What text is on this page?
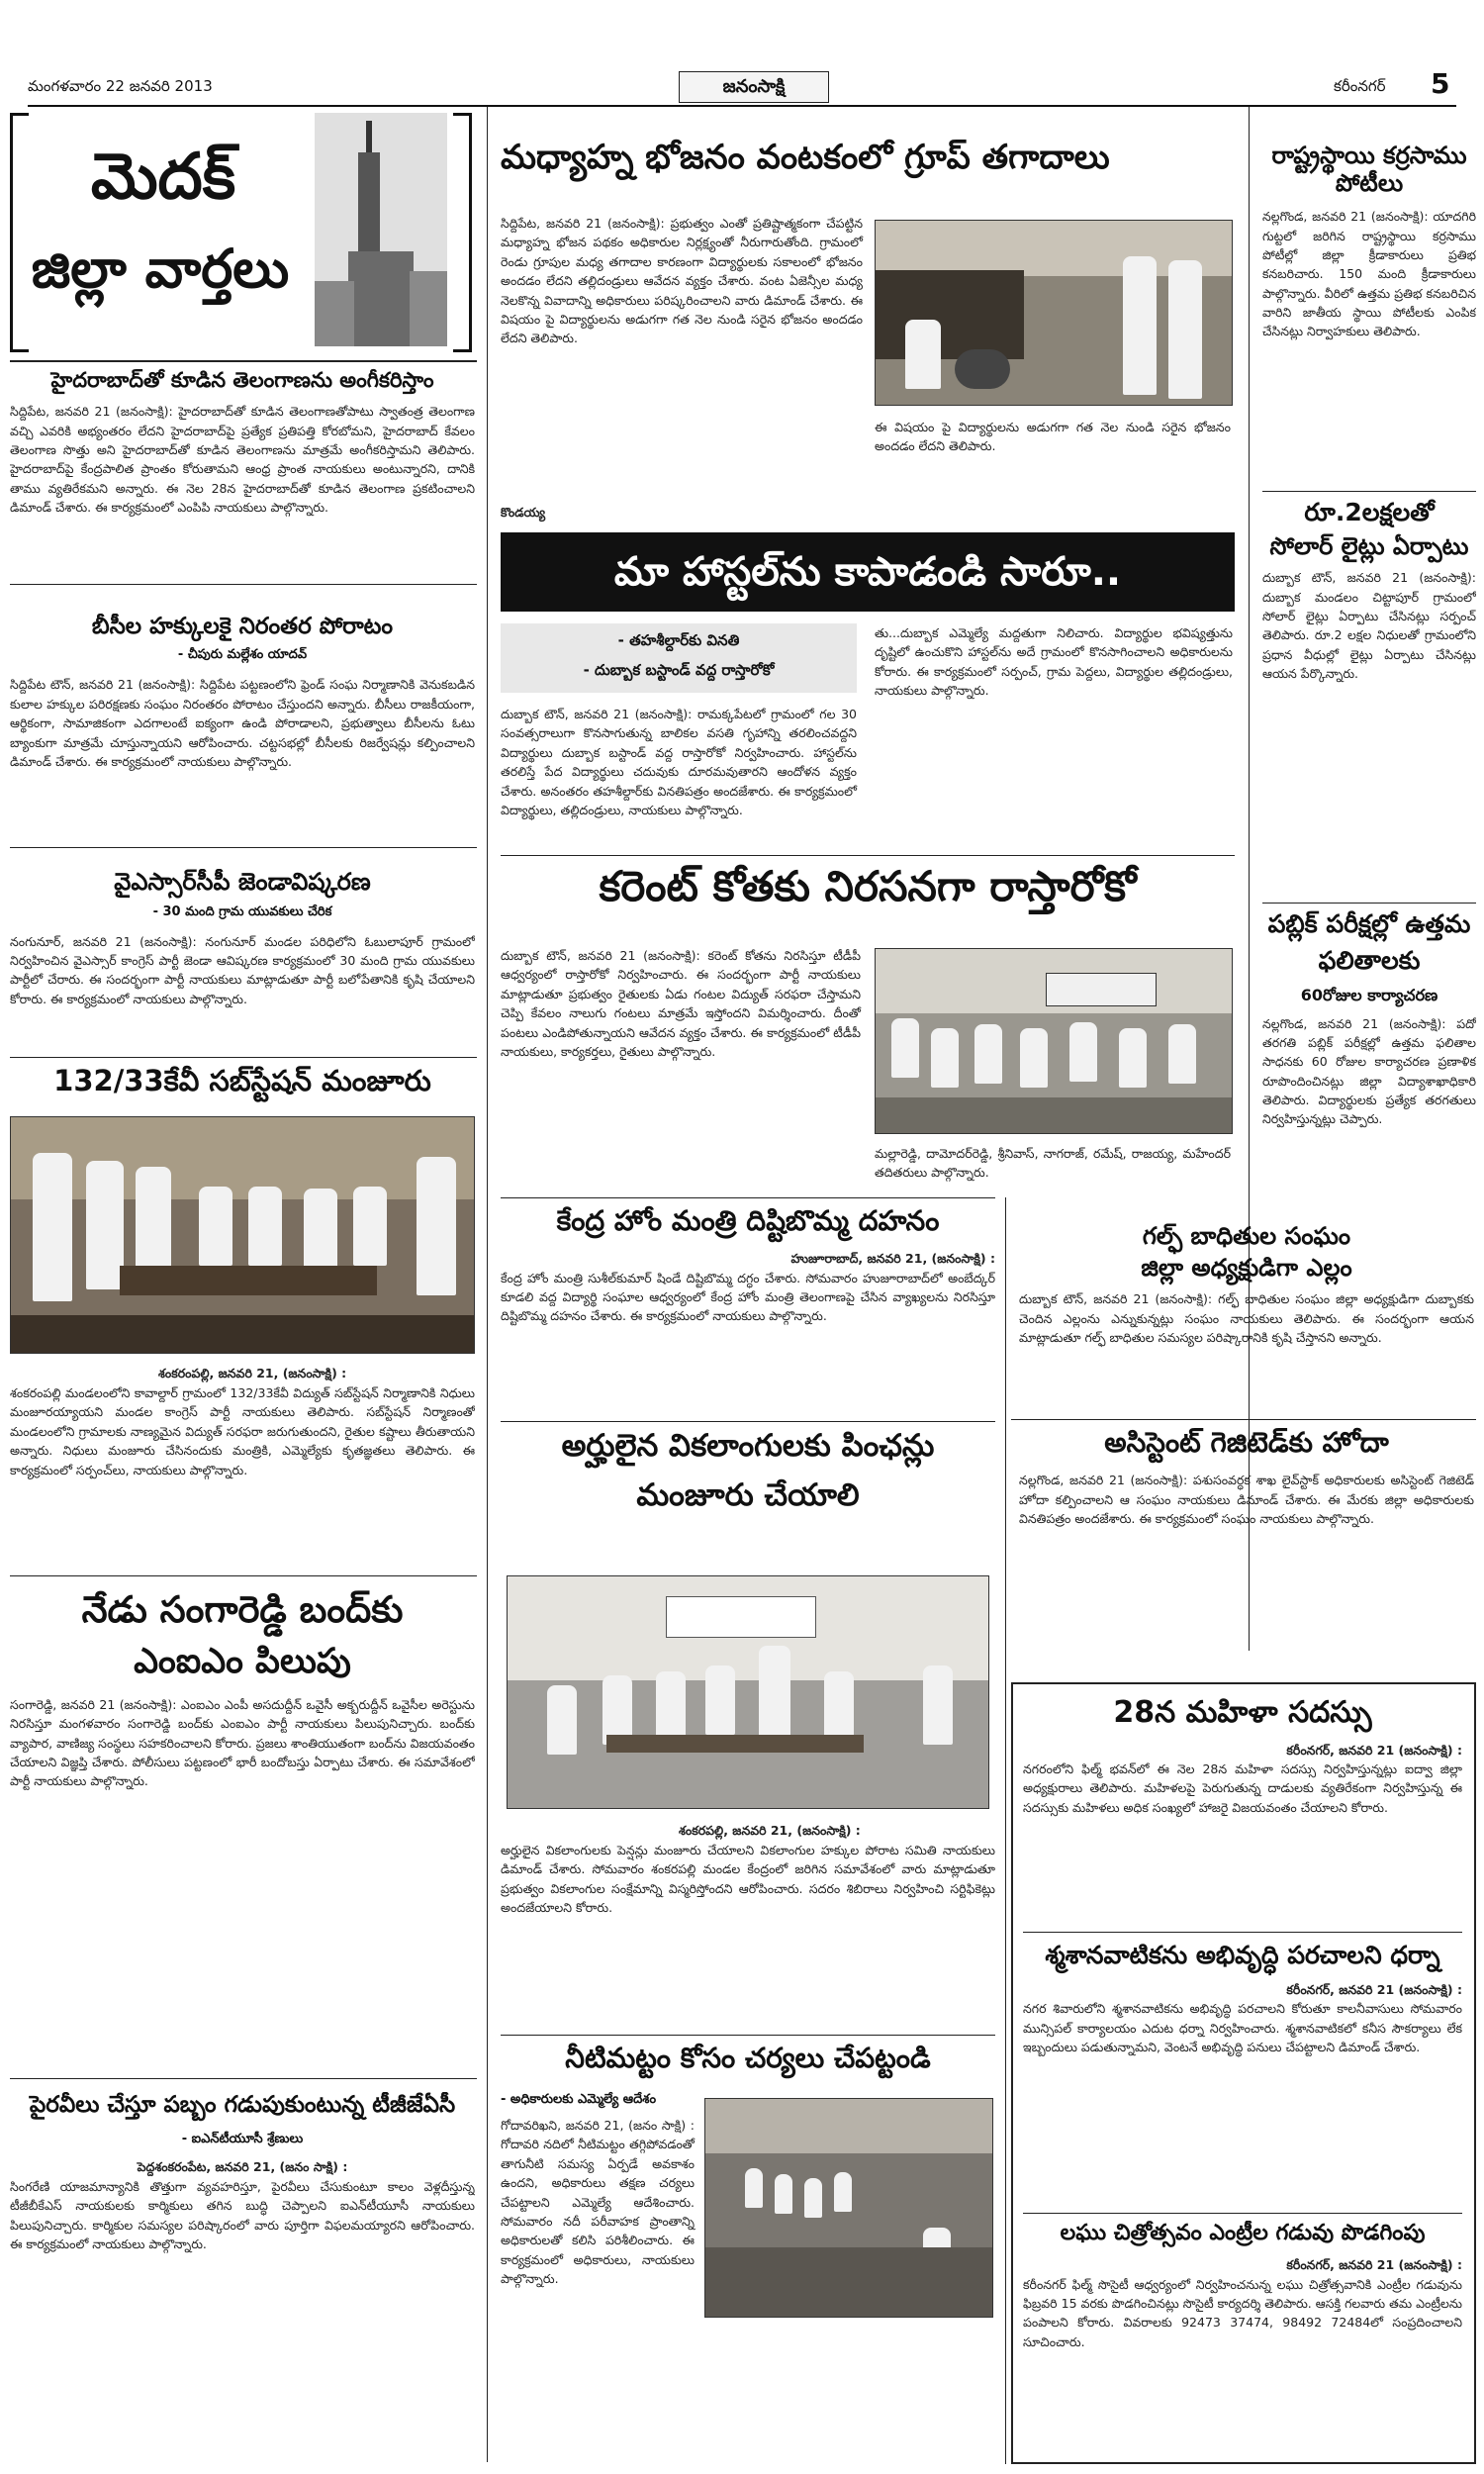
మంగళవారం 22 జనవరి 2013	జనంసాక్షి	కరీంనగర్ 5
మెదక్
జిల్లా వార్తలు
హైదరాబాద్‌తో కూడిన తెలంగాణను అంగీకరిస్తాం
సిద్దిపేట, జనవరి 21 (జనంసాక్షి): హైదరాబాద్‌తో కూడిన తెలంగాణతోపాటు స్వాతంత్ర తెలంగాణ వచ్చి ఎవరికి అభ్యంతరం లేదని హైదరాబాద్‌పై ప్రత్యేక ప్రతిపత్తి కోరబోమని, హైదరాబాద్ కేవలం తెలంగాణ సొత్తు అని హైదరాబాద్‌తో కూడిన తెలంగాణను మాత్రమే అంగీకరిస్తామని తెలిపారు. హైదరాబాద్‌పై కేంద్రపాలిత ప్రాంతం కోరుతామని ఆంధ్ర ప్రాంత నాయకులు అంటున్నారని, దానికి తాము వ్యతిరేకమని అన్నారు. ఈ నెల 28న హైదరాబాద్‌తో కూడిన తెలంగాణ ప్రకటించాలని డిమాండ్ చేశారు. ఈ కార్యక్రమంలో ఎంపిపి నాయకులు పాల్గొన్నారు.
బీసీల హక్కులకై నిరంతర పోరాటం
- చీపురు మల్లేశం యాదవ్
సిద్దిపేట టౌన్, జనవరి 21 (జనంసాక్షి): సిద్దిపేట పట్టణంలోని ఫ్రెండ్ సంఘ నిర్మాణానికి వెనుకబడిన కులాల హక్కుల పరిరక్షణకు సంఘం నిరంతరం పోరాటం చేస్తుందని అన్నారు. బీసీలు రాజకీయంగా, ఆర్థికంగా, సామాజికంగా ఎదగాలంటే ఐక్యంగా ఉండి పోరాడాలని, ప్రభుత్వాలు బీసీలను ఓటు బ్యాంకుగా మాత్రమే చూస్తున్నాయని ఆరోపించారు. చట్టసభల్లో బీసీలకు రిజర్వేషన్లు కల్పించాలని డిమాండ్ చేశారు. ఈ కార్యక్రమంలో నాయకులు పాల్గొన్నారు.
వైఎస్సార్‌సీపీ జెండావిష్కరణ
- 30 మంది గ్రామ యువకులు చేరిక
నంగునూర్, జనవరి 21 (జనంసాక్షి): నంగునూర్ మండల పరిధిలోని ఓబులాపూర్ గ్రామంలో నిర్వహించిన వైఎస్సార్ కాంగ్రెస్ పార్టీ జెండా ఆవిష్కరణ కార్యక్రమంలో 30 మంది గ్రామ యువకులు పార్టీలో చేరారు. ఈ సందర్భంగా పార్టీ నాయకులు మాట్లాడుతూ పార్టీ బలోపేతానికి కృషి చేయాలని కోరారు. ఈ కార్యక్రమంలో నాయకులు పాల్గొన్నారు.
132/33కేవీ సబ్‌స్టేషన్ మంజూరు
శంకరంపల్లి, జనవరి 21, (జనంసాక్షి) :
శంకరంపల్లి మండలంలోని కావాల్దార్ గ్రామంలో 132/33కేవీ విద్యుత్ సబ్‌స్టేషన్ నిర్మాణానికి నిధులు మంజూరయ్యాయని మండల కాంగ్రెస్ పార్టీ నాయకులు తెలిపారు. సబ్‌స్టేషన్ నిర్మాణంతో మండలంలోని గ్రామాలకు నాణ్యమైన విద్యుత్ సరఫరా జరుగుతుందని, రైతుల కష్టాలు తీరుతాయని అన్నారు. నిధులు మంజూరు చేసినందుకు మంత్రికి, ఎమ్మెల్యేకు కృతజ్ఞతలు తెలిపారు. ఈ కార్యక్రమంలో సర్పంచ్‌లు, నాయకులు పాల్గొన్నారు.
నేడు సంగారెడ్డి బంద్‌కు
ఎంఐఎం పిలుపు
సంగారెడ్డి, జనవరి 21 (జనంసాక్షి): ఎంఐఎం ఎంపీ అసదుద్దీన్ ఒవైసీ అక్బరుద్దీన్ ఒవైసీల అరెస్టును నిరసిస్తూ మంగళవారం సంగారెడ్డి బంద్‌కు ఎంఐఎం పార్టీ నాయకులు పిలుపునిచ్చారు. బంద్‌కు వ్యాపార, వాణిజ్య సంస్థలు సహకరించాలని కోరారు. ప్రజలు శాంతియుతంగా బంద్‌ను విజయవంతం చేయాలని విజ్ఞప్తి చేశారు. పోలీసులు పట్టణంలో భారీ బందోబస్తు ఏర్పాటు చేశారు. ఈ సమావేశంలో పార్టీ నాయకులు పాల్గొన్నారు.
పైరవీలు చేస్తూ పబ్బం గడుపుకుంటున్న టీజీజేఏసీ
- ఐఎన్‌టీయూసీ శ్రేణులు
పెద్దశంకరంపేట, జనవరి 21, (జనం సాక్షి) :
సింగరేణి యాజమాన్యానికి తొత్తుగా వ్యవహరిస్తూ, పైరవీలు చేసుకుంటూ కాలం వెళ్లదీస్తున్న టీజీబీకేఎస్ నాయకులకు కార్మికులు తగిన బుద్ధి చెప్పాలని ఐఎన్‌టీయూసీ నాయకులు పిలుపునిచ్చారు. కార్మికుల సమస్యల పరిష్కారంలో వారు పూర్తిగా విఫలమయ్యారని ఆరోపించారు. ఈ కార్యక్రమంలో నాయకులు పాల్గొన్నారు.
మధ్యాహ్న భోజనం వంటకంలో గ్రూప్ తగాదాలు
సిద్దిపేట, జనవరి 21 (జనంసాక్షి): ప్రభుత్వం ఎంతో ప్రతిష్టాత్మకంగా చేపట్టిన మధ్యాహ్న భోజన పథకం అధికారుల నిర్లక్ష్యంతో నీరుగారుతోంది. గ్రామంలో రెండు గ్రూపుల మధ్య తగాదాల కారణంగా విద్యార్థులకు సకాలంలో భోజనం అందడం లేదని తల్లిదండ్రులు ఆవేదన వ్యక్తం చేశారు. వంట ఏజెన్సీల మధ్య నెలకొన్న వివాదాన్ని అధికారులు పరిష్కరించాలని వారు డిమాండ్ చేశారు. ఈ విషయం పై విద్యార్థులను అడుగగా గత నెల నుండి సరైన భోజనం అందడం లేదని తెలిపారు.
ఈ విషయం పై విద్యార్థులను అడుగగా గత నెల నుండి సరైన భోజనం అందడం లేదని తెలిపారు.
కొండయ్య
మా హాస్టల్‌ను కాపాడండి సారూ..
- తహశీల్దార్‌కు వినతి
- దుబ్బాక బస్టాండ్ వద్ద రాస్తారోకో
దుబ్బాక టౌన్, జనవరి 21 (జనంసాక్షి): రామక్కపేటలో గ్రామంలో గల 30 సంవత్సరాలుగా కొనసాగుతున్న బాలికల వసతి గృహాన్ని తరలించవద్దని విద్యార్థులు దుబ్బాక బస్టాండ్ వద్ద రాస్తారోకో నిర్వహించారు. హాస్టల్‌ను తరలిస్తే పేద విద్యార్థులు చదువుకు దూరమవుతారని ఆందోళన వ్యక్తం చేశారు. అనంతరం తహశీల్దార్‌కు వినతిపత్రం అందజేశారు. ఈ కార్యక్రమంలో విద్యార్థులు, తల్లిదండ్రులు, నాయకులు పాల్గొన్నారు.
తు...దుబ్బాక ఎమ్మెల్యే మద్దతుగా నిలిచారు. విద్యార్థుల భవిష్యత్తును దృష్టిలో ఉంచుకొని హాస్టల్‌ను అదే గ్రామంలో కొనసాగించాలని అధికారులను కోరారు. ఈ కార్యక్రమంలో సర్పంచ్, గ్రామ పెద్దలు, విద్యార్థుల తల్లిదండ్రులు, నాయకులు పాల్గొన్నారు.
కరెంట్ కోతకు నిరసనగా రాస్తారోకో
దుబ్బాక టౌన్, జనవరి 21 (జనంసాక్షి): కరెంట్ కోతను నిరసిస్తూ టీడీపీ ఆధ్వర్యంలో రాస్తారోకో నిర్వహించారు. ఈ సందర్భంగా పార్టీ నాయకులు మాట్లాడుతూ ప్రభుత్వం రైతులకు ఏడు గంటల విద్యుత్ సరఫరా చేస్తామని చెప్పి కేవలం నాలుగు గంటలు మాత్రమే ఇస్తోందని విమర్శించారు. దీంతో పంటలు ఎండిపోతున్నాయని ఆవేదన వ్యక్తం చేశారు. ఈ కార్యక్రమంలో టీడీపీ నాయకులు, కార్యకర్తలు, రైతులు పాల్గొన్నారు.
మల్లారెడ్డి, దామోదర్‌రెడ్డి, శ్రీనివాస్, నాగరాజ్, రమేష్, రాజయ్య, మహేందర్ తదితరులు పాల్గొన్నారు.
కేంద్ర హోం మంత్రి దిష్టిబొమ్మ దహనం
హుజూరాబాద్, జనవరి 21, (జనంసాక్షి) :
కేంద్ర హోం మంత్రి సుశీల్‌కుమార్ షిండే దిష్టిబొమ్మ దగ్ధం చేశారు. సోమవారం హుజూరాబాద్‌లో అంబేద్కర్ కూడలి వద్ద విద్యార్థి సంఘాల ఆధ్వర్యంలో కేంద్ర హోం మంత్రి తెలంగాణపై చేసిన వ్యాఖ్యలను నిరసిస్తూ దిష్టిబొమ్మ దహనం చేశారు. ఈ కార్యక్రమంలో నాయకులు పాల్గొన్నారు.
అర్హులైన వికలాంగులకు పింఛన్లు
మంజూరు చేయాలి
శంకరపల్లి, జనవరి 21, (జనంసాక్షి) :
అర్హులైన వికలాంగులకు పెన్షన్లు మంజూరు చేయాలని వికలాంగుల హక్కుల పోరాట సమితి నాయకులు డిమాండ్ చేశారు. సోమవారం శంకరపల్లి మండల కేంద్రంలో జరిగిన సమావేశంలో వారు మాట్లాడుతూ ప్రభుత్వం వికలాంగుల సంక్షేమాన్ని విస్మరిస్తోందని ఆరోపించారు. సదరం శిబిరాలు నిర్వహించి సర్టిఫికెట్లు అందజేయాలని కోరారు.
నీటిమట్టం కోసం చర్యలు చేపట్టండి
- అధికారులకు ఎమ్మెల్యే ఆదేశం
గోదావరిఖని, జనవరి 21, (జనం సాక్షి) : గోదావరి నదిలో నీటిమట్టం తగ్గిపోవడంతో తాగునీటి సమస్య ఏర్పడే అవకాశం ఉందని, అధికారులు తక్షణ చర్యలు చేపట్టాలని ఎమ్మెల్యే ఆదేశించారు. సోమవారం నదీ పరీవాహక ప్రాంతాన్ని అధికారులతో కలిసి పరిశీలించారు. ఈ కార్యక్రమంలో అధికారులు, నాయకులు పాల్గొన్నారు.
రాష్ట్రస్థాయి కర్రసాము పోటీలు
నల్లగొండ, జనవరి 21 (జనంసాక్షి): యాదగిరి గుట్టలో జరిగిన రాష్ట్రస్థాయి కర్రసాము పోటీల్లో జిల్లా క్రీడాకారులు ప్రతిభ కనబరిచారు. 150 మంది క్రీడాకారులు పాల్గొన్నారు. వీరిలో ఉత్తమ ప్రతిభ కనబరిచిన వారిని జాతీయ స్థాయి పోటీలకు ఎంపిక చేసినట్లు నిర్వాహకులు తెలిపారు.
రూ.2లక్షలతో
సోలార్ లైట్లు ఏర్పాటు
దుబ్బాక టౌన్, జనవరి 21 (జనంసాక్షి): దుబ్బాక మండలం చిట్టాపూర్ గ్రామంలో సోలార్ లైట్లు ఏర్పాటు చేసినట్లు సర్పంచ్ తెలిపారు. రూ.2 లక్షల నిధులతో గ్రామంలోని ప్రధాన వీధుల్లో లైట్లు ఏర్పాటు చేసినట్లు ఆయన పేర్కొన్నారు.
పబ్లిక్ పరీక్షల్లో ఉత్తమ
ఫలితాలకు
60రోజుల కార్యాచరణ
నల్లగొండ, జనవరి 21 (జనంసాక్షి): పదో తరగతి పబ్లిక్ పరీక్షల్లో ఉత్తమ ఫలితాల సాధనకు 60 రోజుల కార్యాచరణ ప్రణాళిక రూపొందించినట్లు జిల్లా విద్యాశాఖాధికారి తెలిపారు. విద్యార్థులకు ప్రత్యేక తరగతులు నిర్వహిస్తున్నట్లు చెప్పారు.
గల్ఫ్ బాధితుల సంఘం
జిల్లా అధ్యక్షుడిగా ఎల్లం
దుబ్బాక టౌన్, జనవరి 21 (జనంసాక్షి): గల్ఫ్ బాధితుల సంఘం జిల్లా అధ్యక్షుడిగా దుబ్బాకకు చెందిన ఎల్లంను ఎన్నుకున్నట్లు సంఘం నాయకులు తెలిపారు. ఈ సందర్భంగా ఆయన మాట్లాడుతూ గల్ఫ్ బాధితుల సమస్యల పరిష్కారానికి కృషి చేస్తానని అన్నారు.
అసిస్టెంట్ గెజిటెడ్‌కు హోదా
నల్లగొండ, జనవరి 21 (జనంసాక్షి): పశుసంవర్ధక శాఖ లైవ్‌స్టాక్ అధికారులకు అసిస్టెంట్ గెజిటెడ్ హోదా కల్పించాలని ఆ సంఘం నాయకులు డిమాండ్ చేశారు. ఈ మేరకు జిల్లా అధికారులకు వినతిపత్రం అందజేశారు. ఈ కార్యక్రమంలో సంఘం నాయకులు పాల్గొన్నారు.
28న మహిళా సదస్సు
కరీంనగర్, జనవరి 21 (జనంసాక్షి) :
నగరంలోని ఫిల్మ్ భవన్‌లో ఈ నెల 28న మహిళా సదస్సు నిర్వహిస్తున్నట్లు ఐద్వా జిల్లా అధ్యక్షురాలు తెలిపారు. మహిళలపై పెరుగుతున్న దాడులకు వ్యతిరేకంగా నిర్వహిస్తున్న ఈ సదస్సుకు మహిళలు అధిక సంఖ్యలో హాజరై విజయవంతం చేయాలని కోరారు.
శ్మశానవాటికను అభివృద్ధి పరచాలని ధర్నా
కరీంనగర్, జనవరి 21 (జనంసాక్షి) :
నగర శివారులోని శ్మశానవాటికను అభివృద్ధి పరచాలని కోరుతూ కాలనీవాసులు సోమవారం మున్సిపల్ కార్యాలయం ఎదుట ధర్నా నిర్వహించారు. శ్మశానవాటికలో కనీస సౌకర్యాలు లేక ఇబ్బందులు పడుతున్నామని, వెంటనే అభివృద్ధి పనులు చేపట్టాలని డిమాండ్ చేశారు.
లఘు చిత్రోత్సవం ఎంట్రీల గడువు పొడగింపు
కరీంనగర్, జనవరి 21 (జనంసాక్షి) :
కరీంనగర్ ఫిల్మ్ సొసైటీ ఆధ్వర్యంలో నిర్వహించనున్న లఘు చిత్రోత్సవానికి ఎంట్రీల గడువును ఫిబ్రవరి 15 వరకు పొడగించినట్లు సొసైటీ కార్యదర్శి తెలిపారు. ఆసక్తి గలవారు తమ ఎంట్రీలను పంపాలని కోరారు. వివరాలకు 92473 37474, 98492 72484లో సంప్రదించాలని సూచించారు.
